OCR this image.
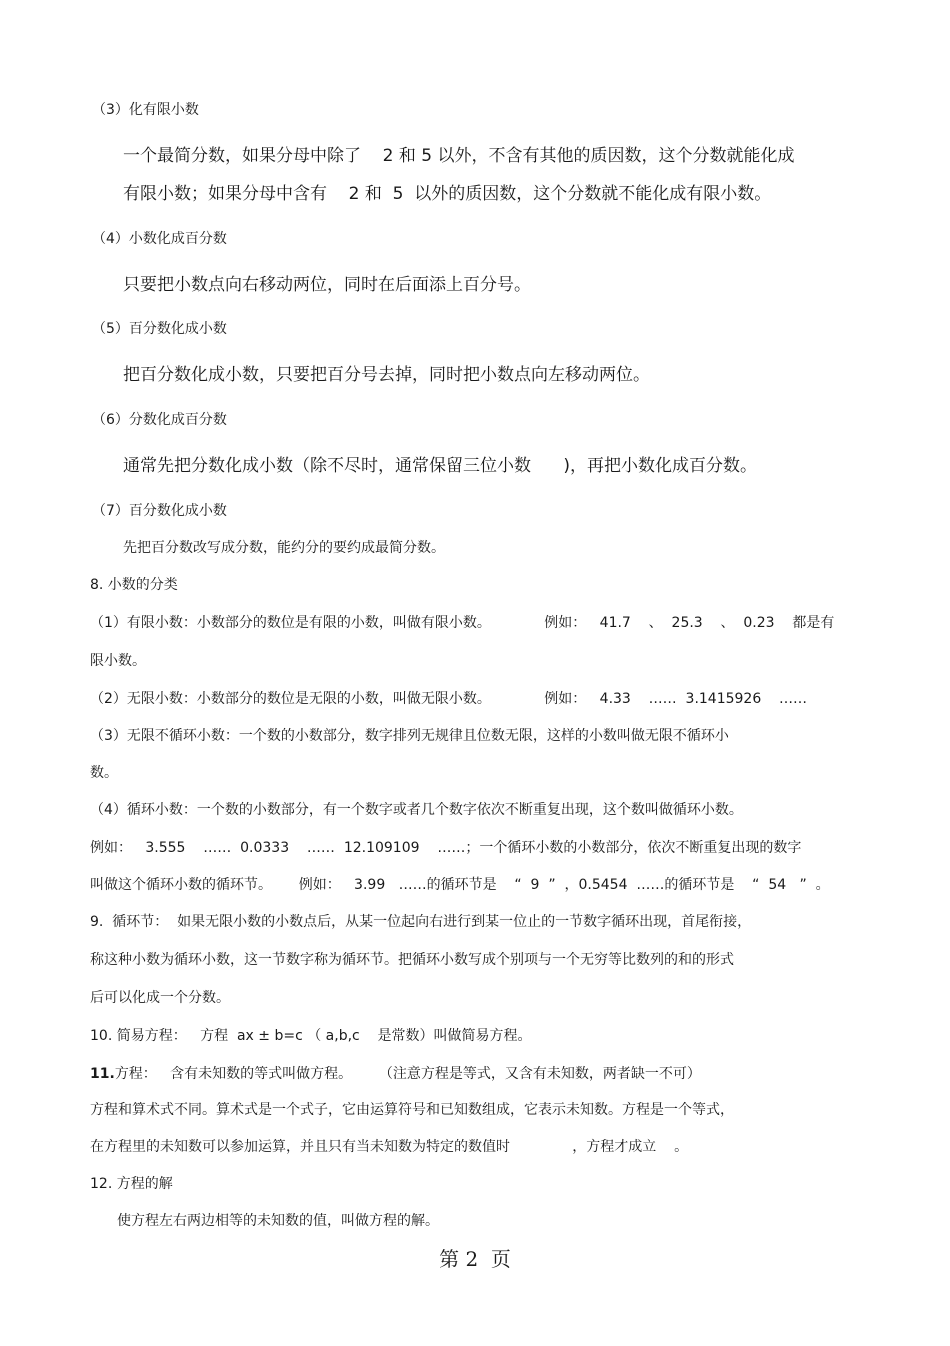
（3）化有限小数
一个最简分数，如果分母中除了    2 和 5 以外，不含有其他的质因数，这个分数就能化成
有限小数；如果分母中含有    2 和  5  以外的质因数，这个分数就不能化成有限小数。
（4）小数化成百分数
只要把小数点向右移动两位，同时在后面添上百分号。
（5）百分数化成小数
把百分数化成小数，只要把百分号去掉，同时把小数点向左移动两位。
（6）分数化成百分数
通常先把分数化成小数（除不尽时，通常保留三位小数      )，再把小数化成百分数。
（7）百分数化成小数
先把百分数改写成分数，能约分的要约成最简分数。
8. 小数的分类
（1）有限小数：小数部分的数位是有限的小数，叫做有限小数。            例如：   41.7    、  25.3    、  0.23    都是有
限小数。
（2）无限小数：小数部分的数位是无限的小数，叫做无限小数。            例如：   4.33    ……  3.1415926    ……
（3）无限不循环小数：一个数的小数部分，数字排列无规律且位数无限，这样的小数叫做无限不循环小
数。
（4）循环小数：一个数的小数部分，有一个数字或者几个数字依次不断重复出现，这个数叫做循环小数。
例如：   3.555    ……  0.0333    ……  12.109109    ……；一个循环小数的小数部分，依次不断重复出现的数字
叫做这个循环小数的循环节。      例如：   3.99   ……的循环节是    “  9  ”  ，0.5454  ……的循环节是    “  54   ”  。
9.  循环节：  如果无限小数的小数点后，从某一位起向右进行到某一位止的一节数字循环出现，首尾衔接，
称这种小数为循环小数，这一节数字称为循环节。把循环小数写成个别项与一个无穷等比数列的和的形式
后可以化成一个分数。
10. 简易方程：   方程  ax ± b=c （ a,b,c    是常数）叫做简易方程。
11.方程：   含有未知数的等式叫做方程。      （注意方程是等式，又含有未知数，两者缺一不可）
方程和算术式不同。算术式是一个式子，它由运算符号和已知数组成，它表示未知数。方程是一个等式，
在方程里的未知数可以参加运算，并且只有当未知数为特定的数值时              ，方程才成立    。
12. 方程的解
使方程左右两边相等的未知数的值，叫做方程的解。
第 2  页
